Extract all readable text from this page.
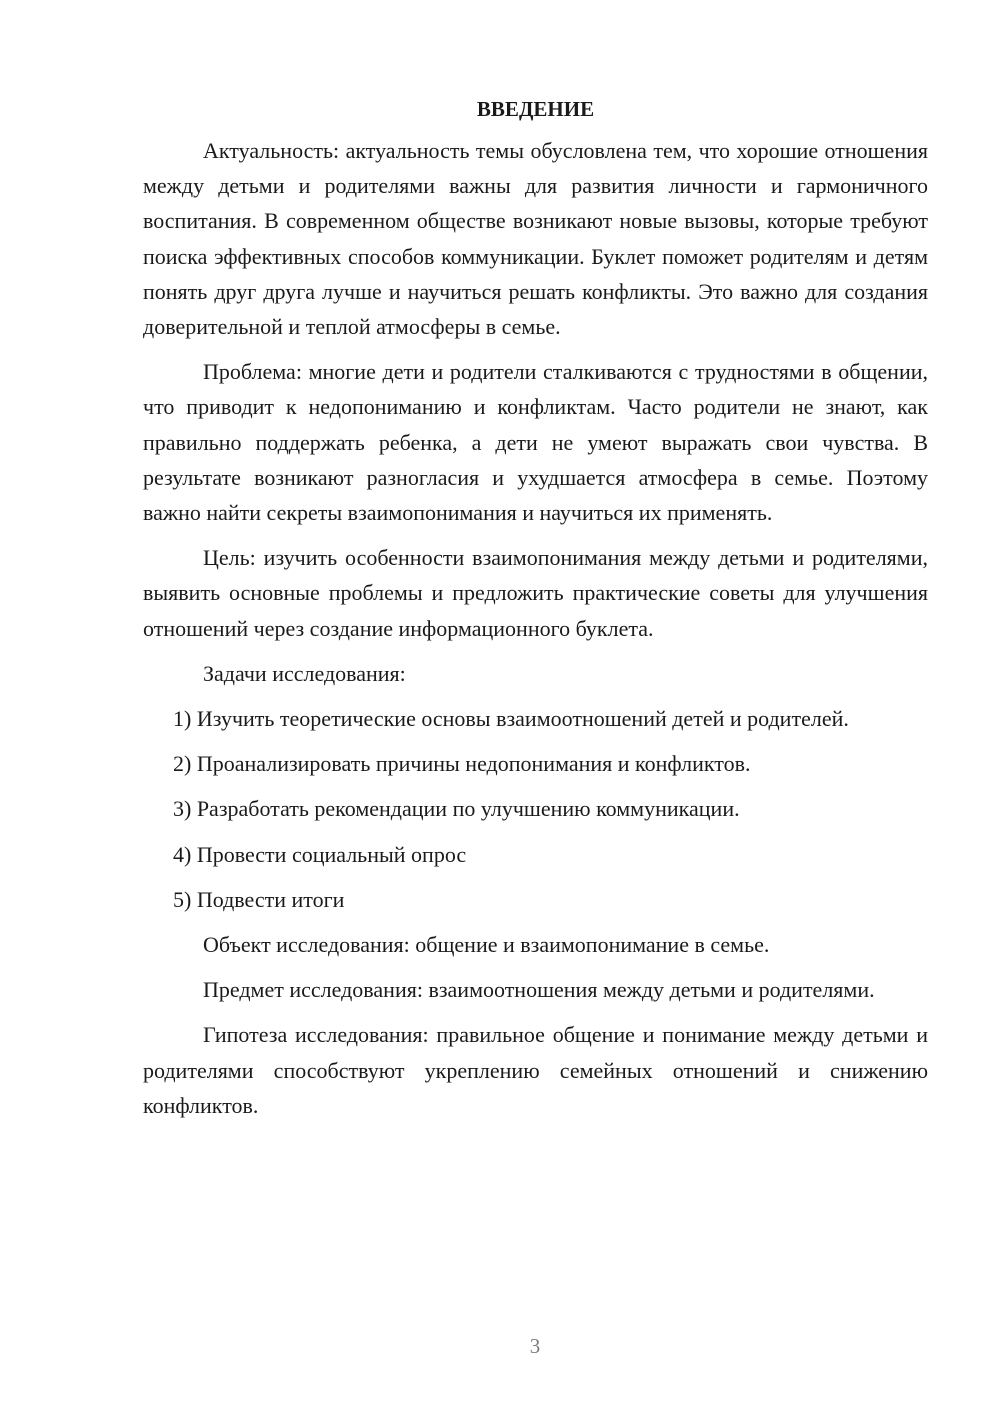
ВВЕДЕНИЕ

Актуальность: актуальность темы обусловлена тем, что хорошие отношения между детьми и родителями важны для развития личности и гармоничного воспитания. В современном обществе возникают новые вызовы, которые требуют поиска эффективных способов коммуникации. Буклет поможет родителям и детям понять друг друга лучше и научиться решать конфликты. Это важно для создания доверительной и теплой атмосферы в семье.

Проблема: многие дети и родители сталкиваются с трудностями в общении, что приводит к недопониманию и конфликтам. Часто родители не знают, как правильно поддержать ребенка, а дети не умеют выражать свои чувства. В результате возникают разногласия и ухудшается атмосфера в семье. Поэтому важно найти секреты взаимопонимания и научиться их применять.

Цель: изучить особенности взаимопонимания между детьми и родителями, выявить основные проблемы и предложить практические советы для улучшения отношений через создание информационного буклета.

Задачи исследования:

1) Изучить теоретические основы взаимоотношений детей и родителей.

2) Проанализировать причины недопонимания и конфликтов.

3) Разработать рекомендации по улучшению коммуникации.

4) Провести социальный опрос

5) Подвести итоги

Объект исследования: общение и взаимопонимание в семье.

Предмет исследования: взаимоотношения между детьми и родителями.

Гипотеза исследования: правильное общение и понимание между детьми и родителями способствуют укреплению семейных отношений и снижению конфликтов.

3
